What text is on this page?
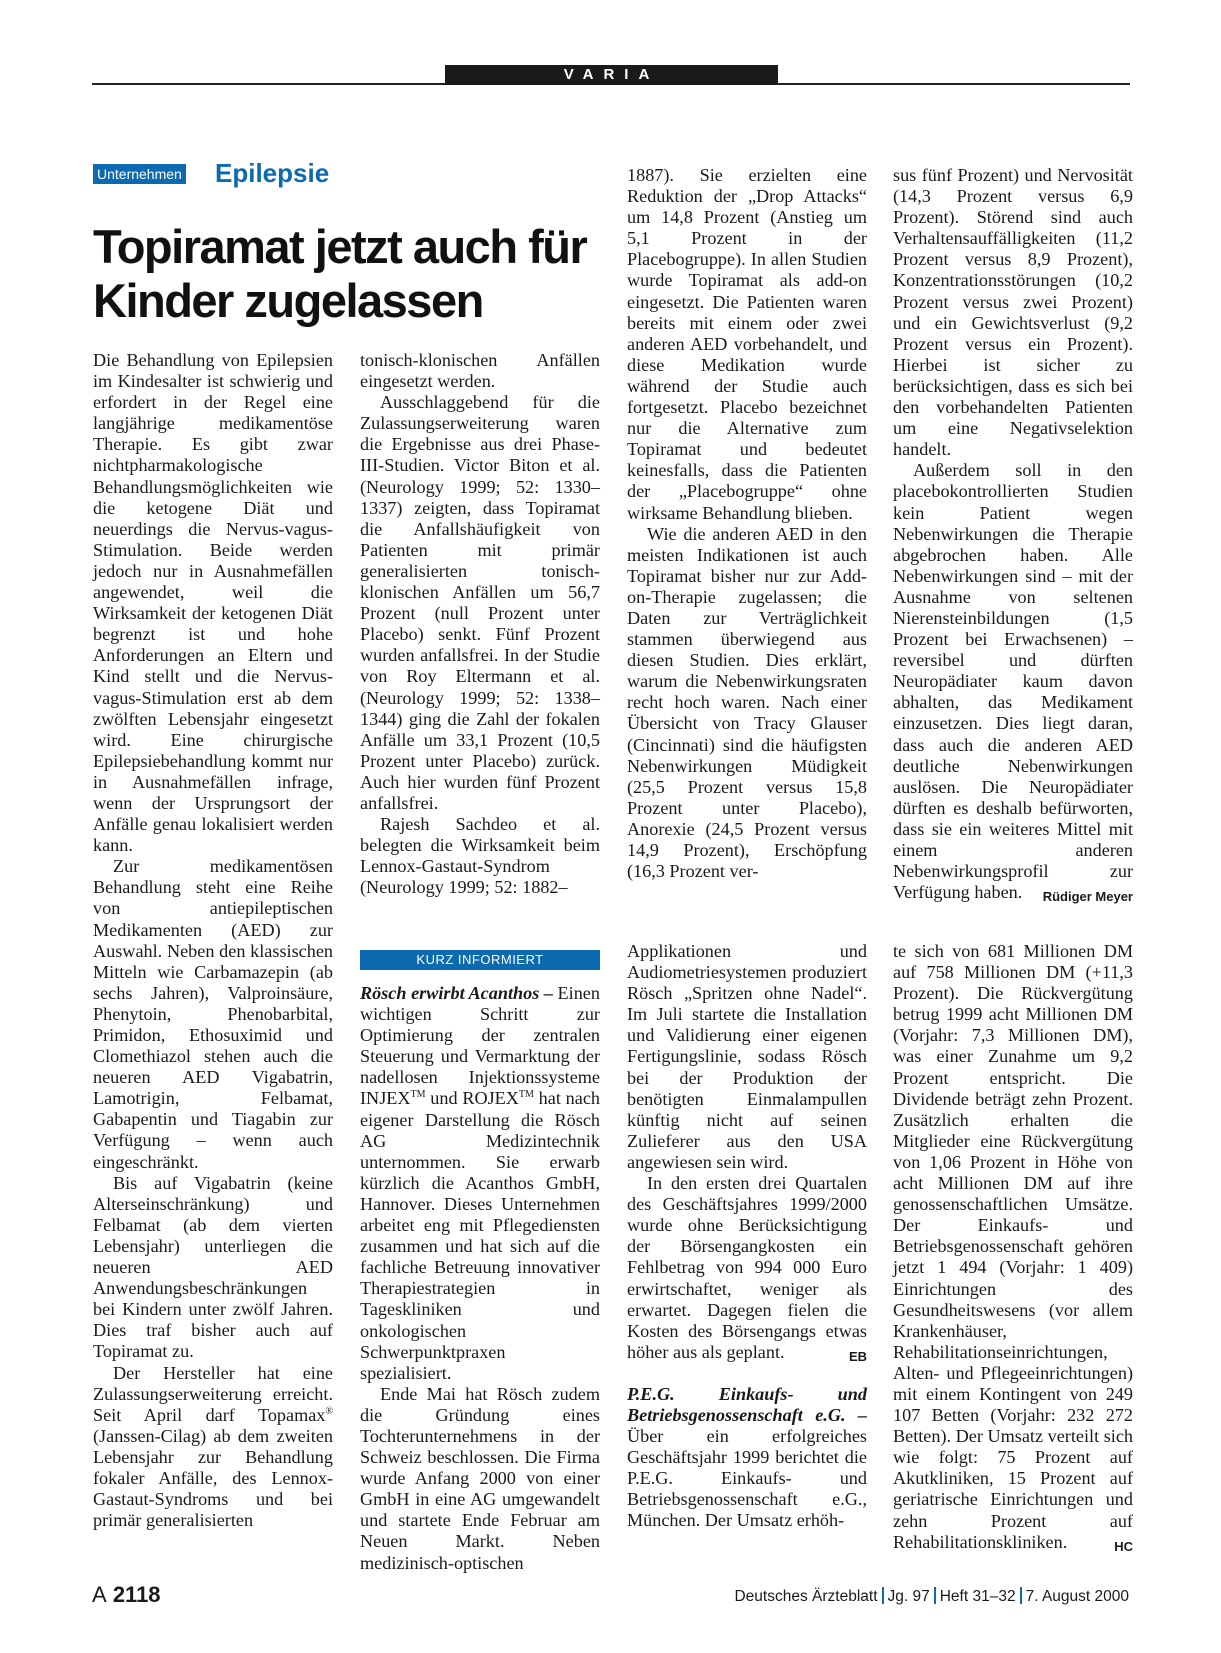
VARIA
Unternehmen Epilepsie
Topiramat jetzt auch für Kinder zugelassen

Die Behandlung von Epilepsien im Kindesalter ist schwierig und erfordert in der Regel eine langjährige medikamentöse Therapie. Es gibt zwar nichtpharmakologische Behandlungsmöglichkeiten wie die ketogene Diät und neuerdings die Nervus-vagus-Stimulation. Beide werden jedoch nur in Ausnahmefällen angewendet, weil die Wirksamkeit der ketogenen Diät begrenzt ist und hohe Anforderungen an Eltern und Kind stellt und die Nervus-vagus-Stimulation erst ab dem zwölften Lebensjahr eingesetzt wird. Eine chirurgische Epilepsiebehandlung kommt nur in Ausnahmefällen infrage, wenn der Ursprungsort der Anfälle genau lokalisiert werden kann.

Zur medikamentösen Behandlung steht eine Reihe von antiepileptischen Medikamenten (AED) zur Auswahl. Neben den klassischen Mitteln wie Carbamazepin (ab sechs Jahren), Valproinsäure, Phenytoin, Phenobarbital, Primidon, Ethosuximid und Clomethiazol stehen auch die neueren AED Vigabatrin, Lamotrigin, Felbamat, Gabapentin und Tiagabin zur Verfügung – wenn auch eingeschränkt.

Bis auf Vigabatrin (keine Alterseinschränkung) und Felbamat (ab dem vierten Lebensjahr) unterliegen die neueren AED Anwendungsbeschränkungen bei Kindern unter zwölf Jahren. Dies traf bisher auch auf Topiramat zu.

Der Hersteller hat eine Zulassungserweiterung erreicht. Seit April darf Topamax® (Janssen-Cilag) ab dem zweiten Lebensjahr zur Behandlung fokaler Anfälle, des Lennox-Gastaut-Syndroms und bei primär generalisierten

tonisch-klonischen Anfällen eingesetzt werden.

Ausschlaggebend für die Zulassungserweiterung waren die Ergebnisse aus drei Phase-III-Studien. Victor Biton et al. (Neurology 1999; 52: 1330–1337) zeigten, dass Topiramat die Anfallshäufigkeit von Patienten mit primär generalisierten tonisch-klonischen Anfällen um 56,7 Prozent (null Prozent unter Placebo) senkt. Fünf Prozent wurden anfallsfrei. In der Studie von Roy Eltermann et al. (Neurology 1999; 52: 1338–1344) ging die Zahl der fokalen Anfälle um 33,1 Prozent (10,5 Prozent unter Placebo) zurück. Auch hier wurden fünf Prozent anfallsfrei.

Rajesh Sachdeo et al. belegten die Wirksamkeit beim Lennox-Gastaut-Syndrom (Neurology 1999; 52: 1882–

1887). Sie erzielten eine Reduktion der „Drop Attacks“ um 14,8 Prozent (Anstieg um 5,1 Prozent in der Placebogruppe). In allen Studien wurde Topiramat als add-on eingesetzt. Die Patienten waren bereits mit einem oder zwei anderen AED vorbehandelt, und diese Medikation wurde während der Studie auch fortgesetzt. Placebo bezeichnet nur die Alternative zum Topiramat und bedeutet keinesfalls, dass die Patienten der „Placebogruppe“ ohne wirksame Behandlung blieben.

Wie die anderen AED in den meisten Indikationen ist auch Topiramat bisher nur zur Add-on-Therapie zugelassen; die Daten zur Verträglichkeit stammen überwiegend aus diesen Studien. Dies erklärt, warum die Nebenwirkungsraten recht hoch waren. Nach einer Übersicht von Tracy Glauser (Cincinnati) sind die häufigsten Nebenwirkungen Müdigkeit (25,5 Prozent versus 15,8 Prozent unter Placebo), Anorexie (24,5 Prozent versus 14,9 Prozent), Erschöpfung (16,3 Prozent ver-

sus fünf Prozent) und Nervosität (14,3 Prozent versus 6,9 Prozent). Störend sind auch Verhaltensauffälligkeiten (11,2 Prozent versus 8,9 Prozent), Konzentrationsstörungen (10,2 Prozent versus zwei Prozent) und ein Gewichtsverlust (9,2 Prozent versus ein Prozent). Hierbei ist sicher zu berücksichtigen, dass es sich bei den vorbehandelten Patienten um eine Negativselektion handelt.

Außerdem soll in den placebokontrollierten Studien kein Patient wegen Nebenwirkungen die Therapie abgebrochen haben. Alle Nebenwirkungen sind – mit der Ausnahme von seltenen Nierensteinbildungen (1,5 Prozent bei Erwachsenen) – reversibel und dürften Neuropädiater kaum davon abhalten, das Medikament einzusetzen. Dies liegt daran, dass auch die anderen AED deutliche Nebenwirkungen auslösen. Die Neuropädiater dürften es deshalb befürworten, dass sie ein weiteres Mittel mit einem anderen Nebenwirkungsprofil zur Verfügung haben.	Rüdiger Meyer

KURZ INFORMIERT

Rösch erwirbt Acanthos – Einen wichtigen Schritt zur Optimierung der zentralen Steuerung und Vermarktung der nadellosen Injektionssysteme INJEX™ und ROJEX™ hat nach eigener Darstellung die Rösch AG Medizintechnik unternommen. Sie erwarb kürzlich die Acanthos GmbH, Hannover. Dieses Unternehmen arbeitet eng mit Pflegediensten zusammen und hat sich auf die fachliche Betreuung innovativer Therapiestrategien in Tageskliniken und onkologischen Schwerpunktpraxen spezialisiert.

Ende Mai hat Rösch zudem die Gründung eines Tochterunternehmens in der Schweiz beschlossen. Die Firma wurde Anfang 2000 von einer GmbH in eine AG umgewandelt und startete Ende Februar am Neuen Markt. Neben medizinisch-optischen

Applikationen und Audiometriesystemen produziert Rösch „Spritzen ohne Nadel“. Im Juli startete die Installation und Validierung einer eigenen Fertigungslinie, sodass Rösch bei der Produktion der benötigten Einmalampullen künftig nicht auf seinen Zulieferer aus den USA angewiesen sein wird.

In den ersten drei Quartalen des Geschäftsjahres 1999/2000 wurde ohne Berücksichtigung der Börsengangkosten ein Fehlbetrag von 994 000 Euro erwirtschaftet, weniger als erwartet. Dagegen fielen die Kosten des Börsengangs etwas höher aus als geplant.	EB

P.E.G. Einkaufs- und Betriebsgenossenschaft e.G. – Über ein erfolgreiches Geschäftsjahr 1999 berichtet die P.E.G. Einkaufs- und Betriebsgenossenschaft e.G., München. Der Umsatz erhöh-

te sich von 681 Millionen DM auf 758 Millionen DM (+11,3 Prozent). Die Rückvergütung betrug 1999 acht Millionen DM (Vorjahr: 7,3 Millionen DM), was einer Zunahme um 9,2 Prozent entspricht. Die Dividende beträgt zehn Prozent. Zusätzlich erhalten die Mitglieder eine Rückvergütung von 1,06 Prozent in Höhe von acht Millionen DM auf ihre genossenschaftlichen Umsätze. Der Einkaufs- und Betriebsgenossenschaft gehören jetzt 1 494 (Vorjahr: 1 409) Einrichtungen des Gesundheitswesens (vor allem Krankenhäuser, Rehabilitationseinrichtungen, Alten- und Pflegeeinrichtungen) mit einem Kontingent von 249 107 Betten (Vorjahr: 232 272 Betten). Der Umsatz verteilt sich wie folgt: 75 Prozent auf Akutkliniken, 15 Prozent auf geriatrische Einrichtungen und zehn Prozent auf Rehabilitationskliniken.	HC

A 2118	Deutsches Ärzteblatt Jg. 97 Heft 31–32 7. August 2000
